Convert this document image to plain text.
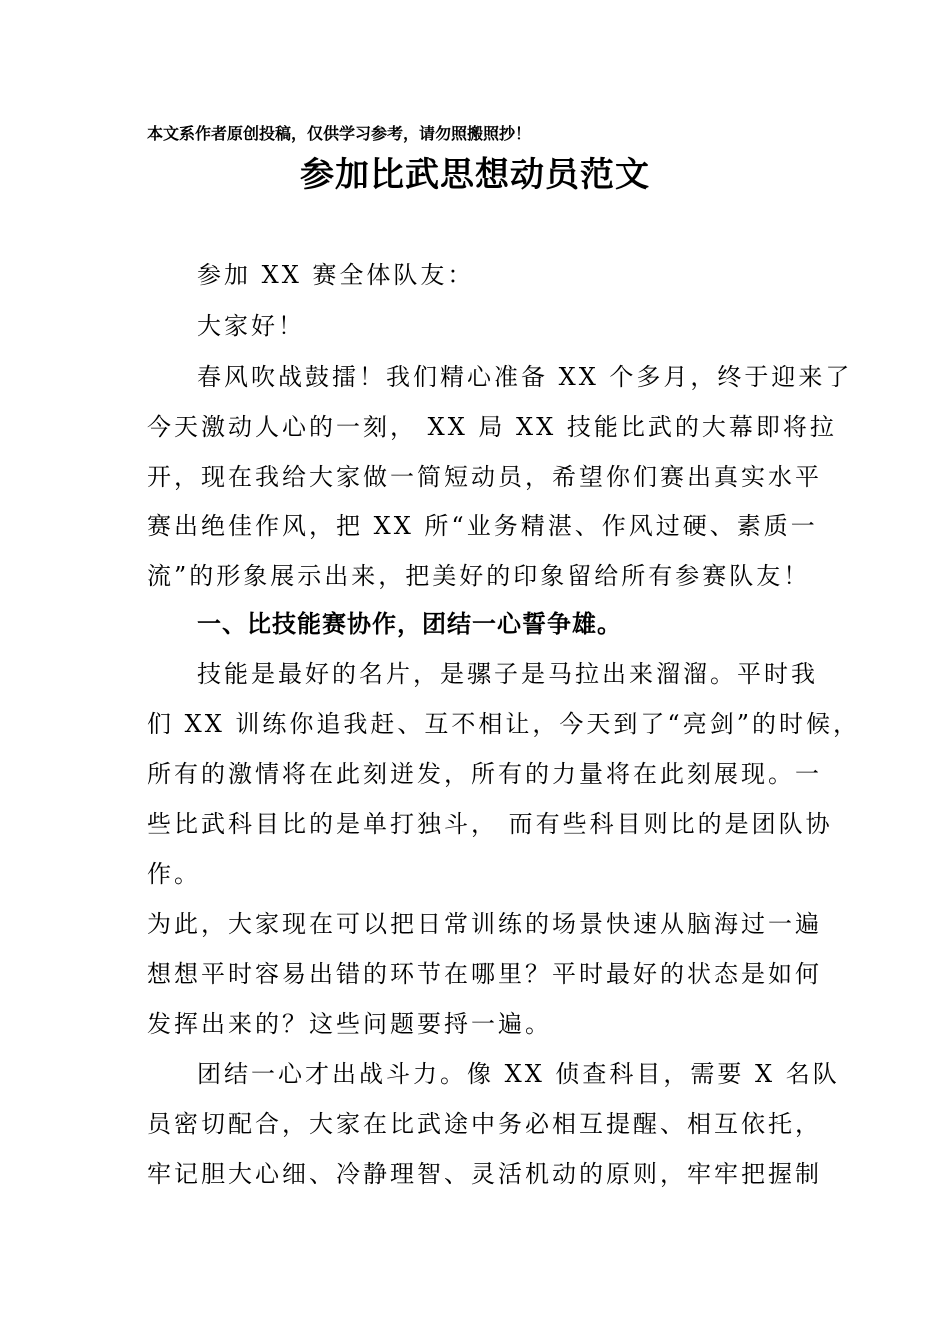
本文系作者原创投稿，仅供学习参考，请勿照搬照抄！
参加比武思想动员范文
参加 XX 赛全体队友：
大家好！
春风吹战鼓擂！我们精心准备 XX 个多月，终于迎来了
今天激动人心的一刻， XX 局 XX 技能比武的大幕即将拉
开，现在我给大家做一简短动员，希望你们赛出真实水平
赛出绝佳作风，把 XX 所“业务精湛、作风过硬、素质一
流”的形象展示出来，把美好的印象留给所有参赛队友！
一、比技能赛协作，团结一心誓争雄。
技能是最好的名片，是骡子是马拉出来溜溜。平时我
们 XX 训练你追我赶、互不相让，今天到了“亮剑”的时候，
所有的激情将在此刻迸发，所有的力量将在此刻展现。一
些比武科目比的是单打独斗， 而有些科目则比的是团队协
作。
为此，大家现在可以把日常训练的场景快速从脑海过一遍
想想平时容易出错的环节在哪里？平时最好的状态是如何
发挥出来的？这些问题要捋一遍。
团结一心才出战斗力。像 XX 侦查科目，需要 X 名队
员密切配合，大家在比武途中务必相互提醒、相互依托，
牢记胆大心细、冷静理智、灵活机动的原则，牢牢把握制
